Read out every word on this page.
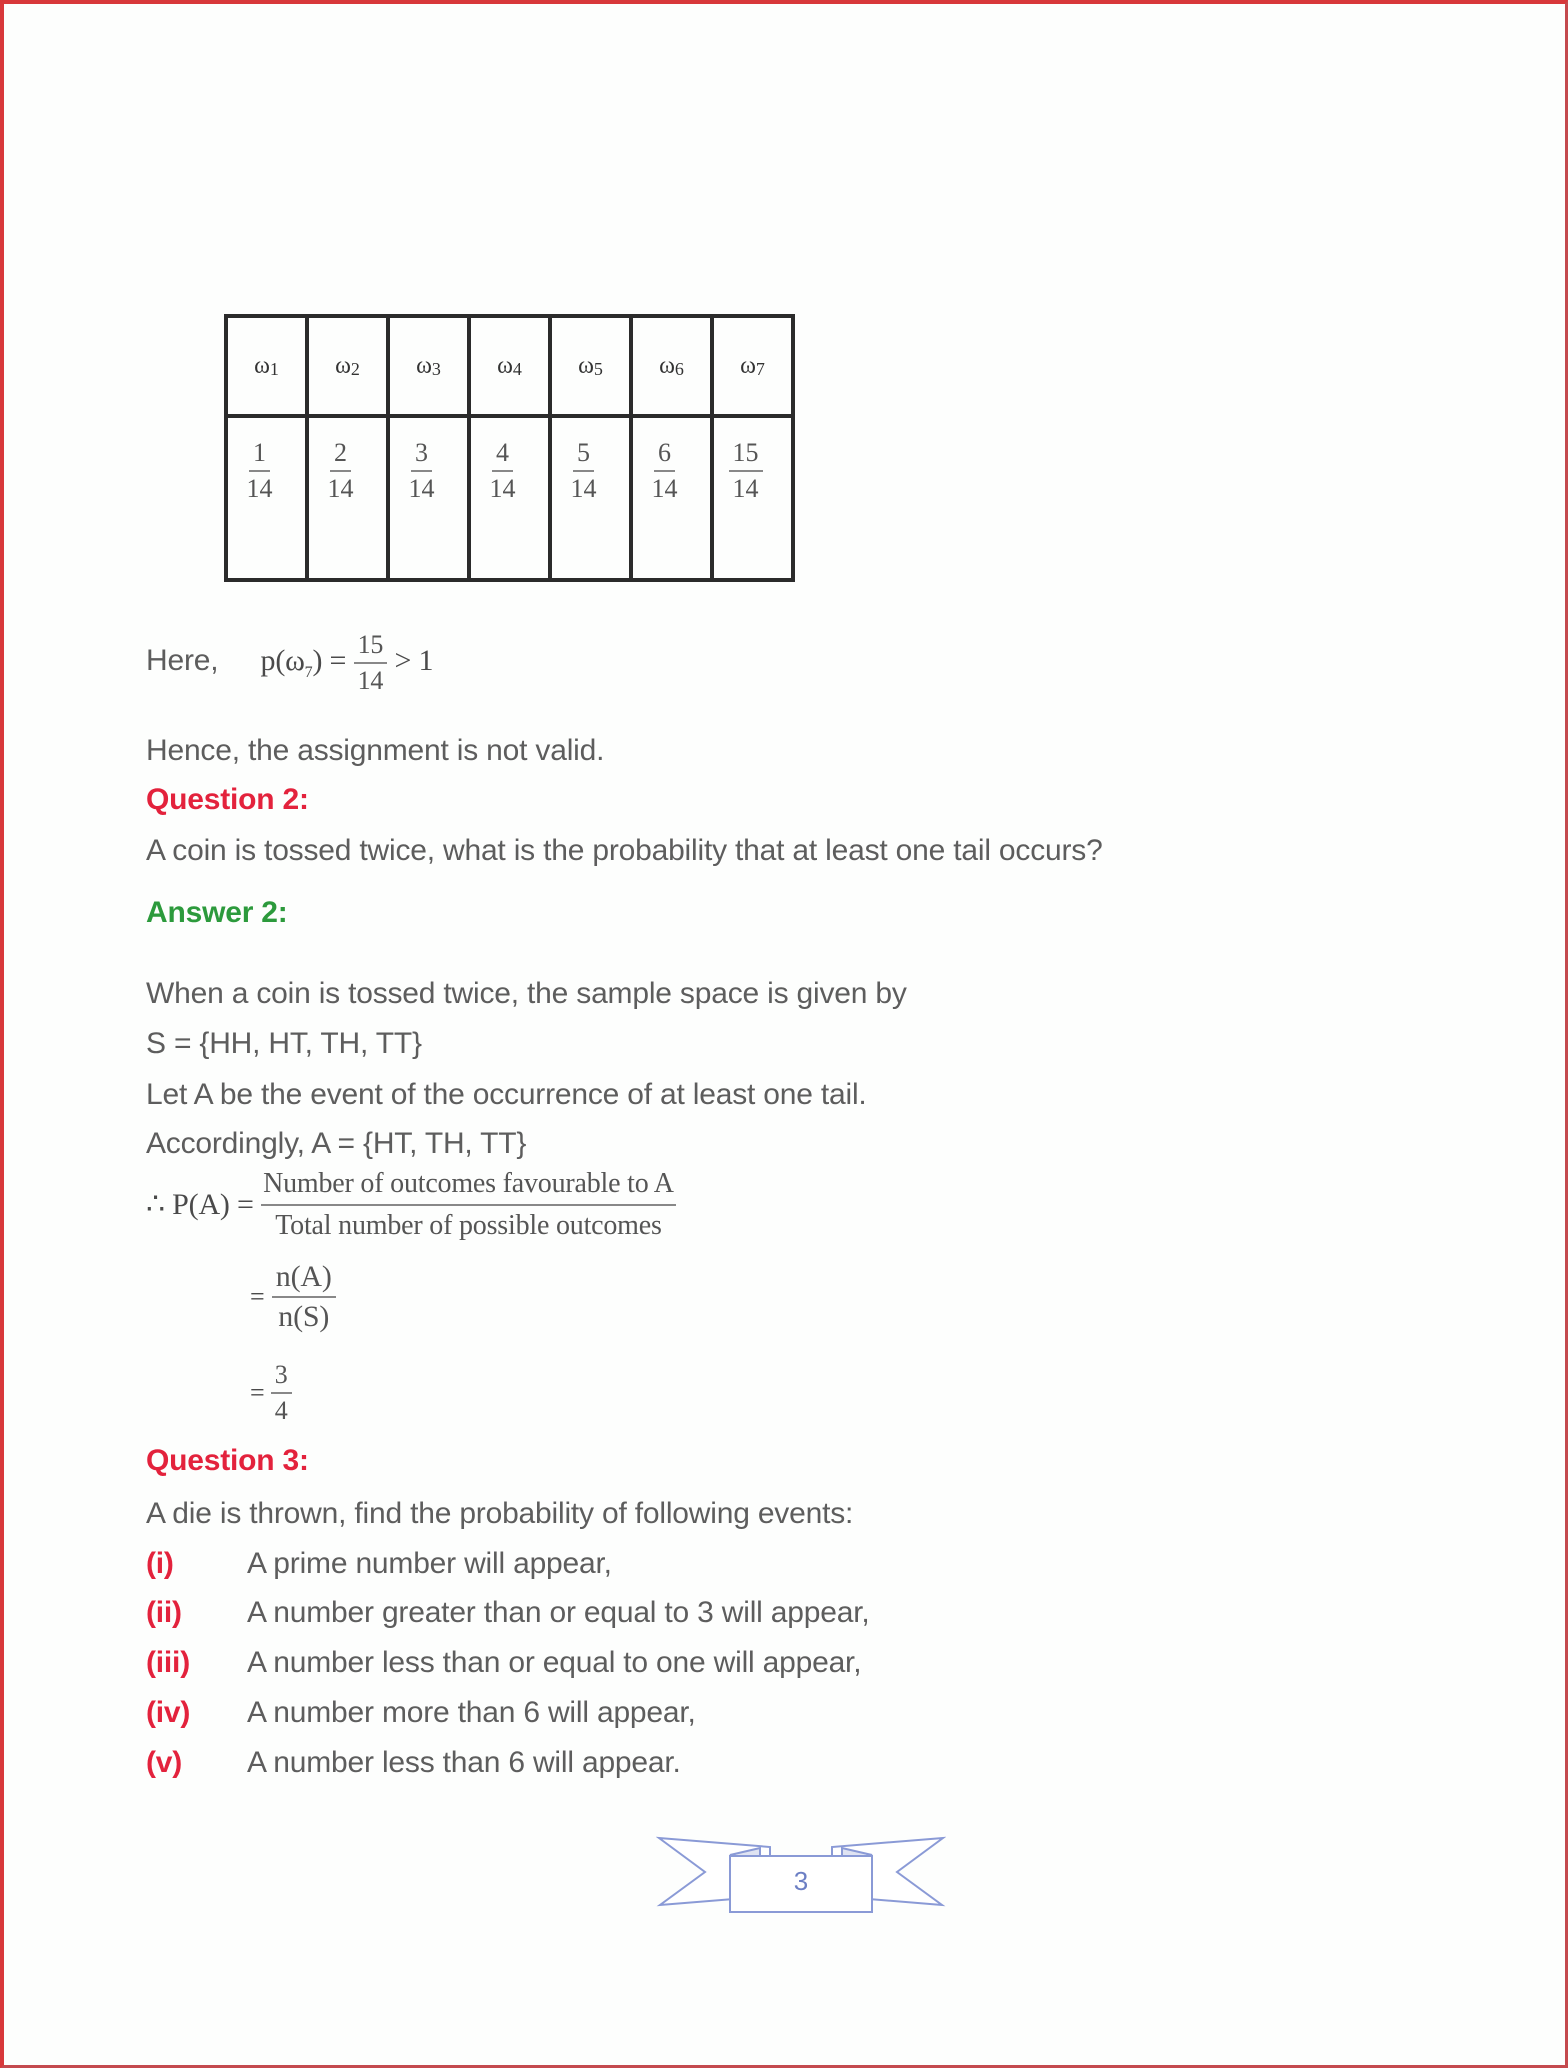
$\omega_1$	$\omega_2$	$\omega_3$	$\omega_4$	$\omega_5$	$\omega_6$	$\omega_7$

$\frac{1}{14}$	$\frac{2}{14}$	$\frac{3}{14}$	$\frac{4}{14}$	$\frac{5}{14}$	$\frac{6}{14}$	$\frac{15}{14}$
Here, $p(\omega_7) = \frac{15}{14} > 1$
Hence, the assignment is not valid.
Question 2:
A coin is tossed twice, what is the probability that at least one tail occurs?
Answer 2:
When a coin is tossed twice, the sample space is given by
S = {HH, HT, TH, TT}
Let A be the event of the occurrence of at least one tail.
Accordingly, A = {HT, TH, TT}
∴ $P(A) = \frac{\text{Number of outcomes favourable to A}}{\text{Total number of possible outcomes}}$
= $\frac{n(A)}{n(S)}$
= $\frac{3}{4}$
Question 3:
A die is thrown, find the probability of following events:
(i) A prime number will appear,
(ii) A number greater than or equal to 3 will appear,
(iii) A number less than or equal to one will appear,
(iv) A number more than 6 will appear,
(v) A number less than 6 will appear.
3
